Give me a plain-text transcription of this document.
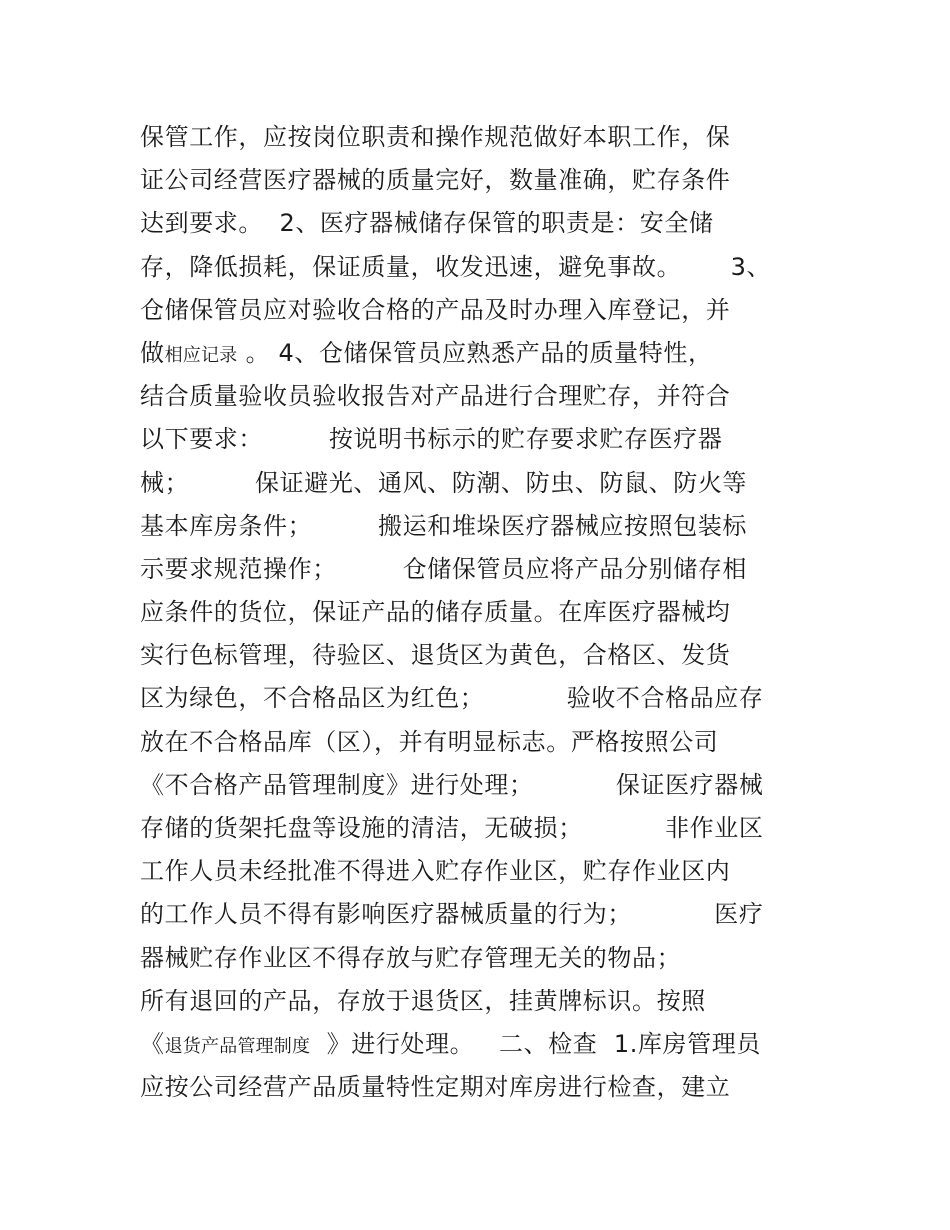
保管工作，应按岗位职责和操作规范做好本职工作，保
证公司经营医疗器械的质量完好，数量准确，贮存条件
达到要求。  2、医疗器械储存保管的职责是：安全储
存，降低损耗，保证质量，收发迅速，避免事故。      3、
仓储保管员应对验收合格的产品及时办理入库登记，并
做相应记录 。 4、仓储保管员应熟悉产品的质量特性，
结合质量验收员验收报告对产品进行合理贮存，并符合
以下要求：        按说明书标示的贮存要求贮存医疗器
械；        保证避光、通风、防潮、防虫、防鼠、防火等
基本库房条件；        搬运和堆垛医疗器械应按照包装标
示要求规范操作；        仓储保管员应将产品分别储存相
应条件的货位，保证产品的储存质量。在库医疗器械均
实行色标管理，待验区、退货区为黄色，合格区、发货
区为绿色，不合格品区为红色；          验收不合格品应存
放在不合格品库（区），并有明显标志。严格按照公司
《不合格产品管理制度》进行处理；          保证医疗器械
存储的货架托盘等设施的清洁，无破损；          非作业区
工作人员未经批准不得进入贮存作业区，贮存作业区内
的工作人员不得有影响医疗器械质量的行为；          医疗
器械贮存作业区不得存放与贮存管理无关的物品；
所有退回的产品，存放于退货区，挂黄牌标识。按照
《退货产品管理制度  》进行处理。   二、检查  1.库房管理员
应按公司经营产品质量特性定期对库房进行检查，建立
